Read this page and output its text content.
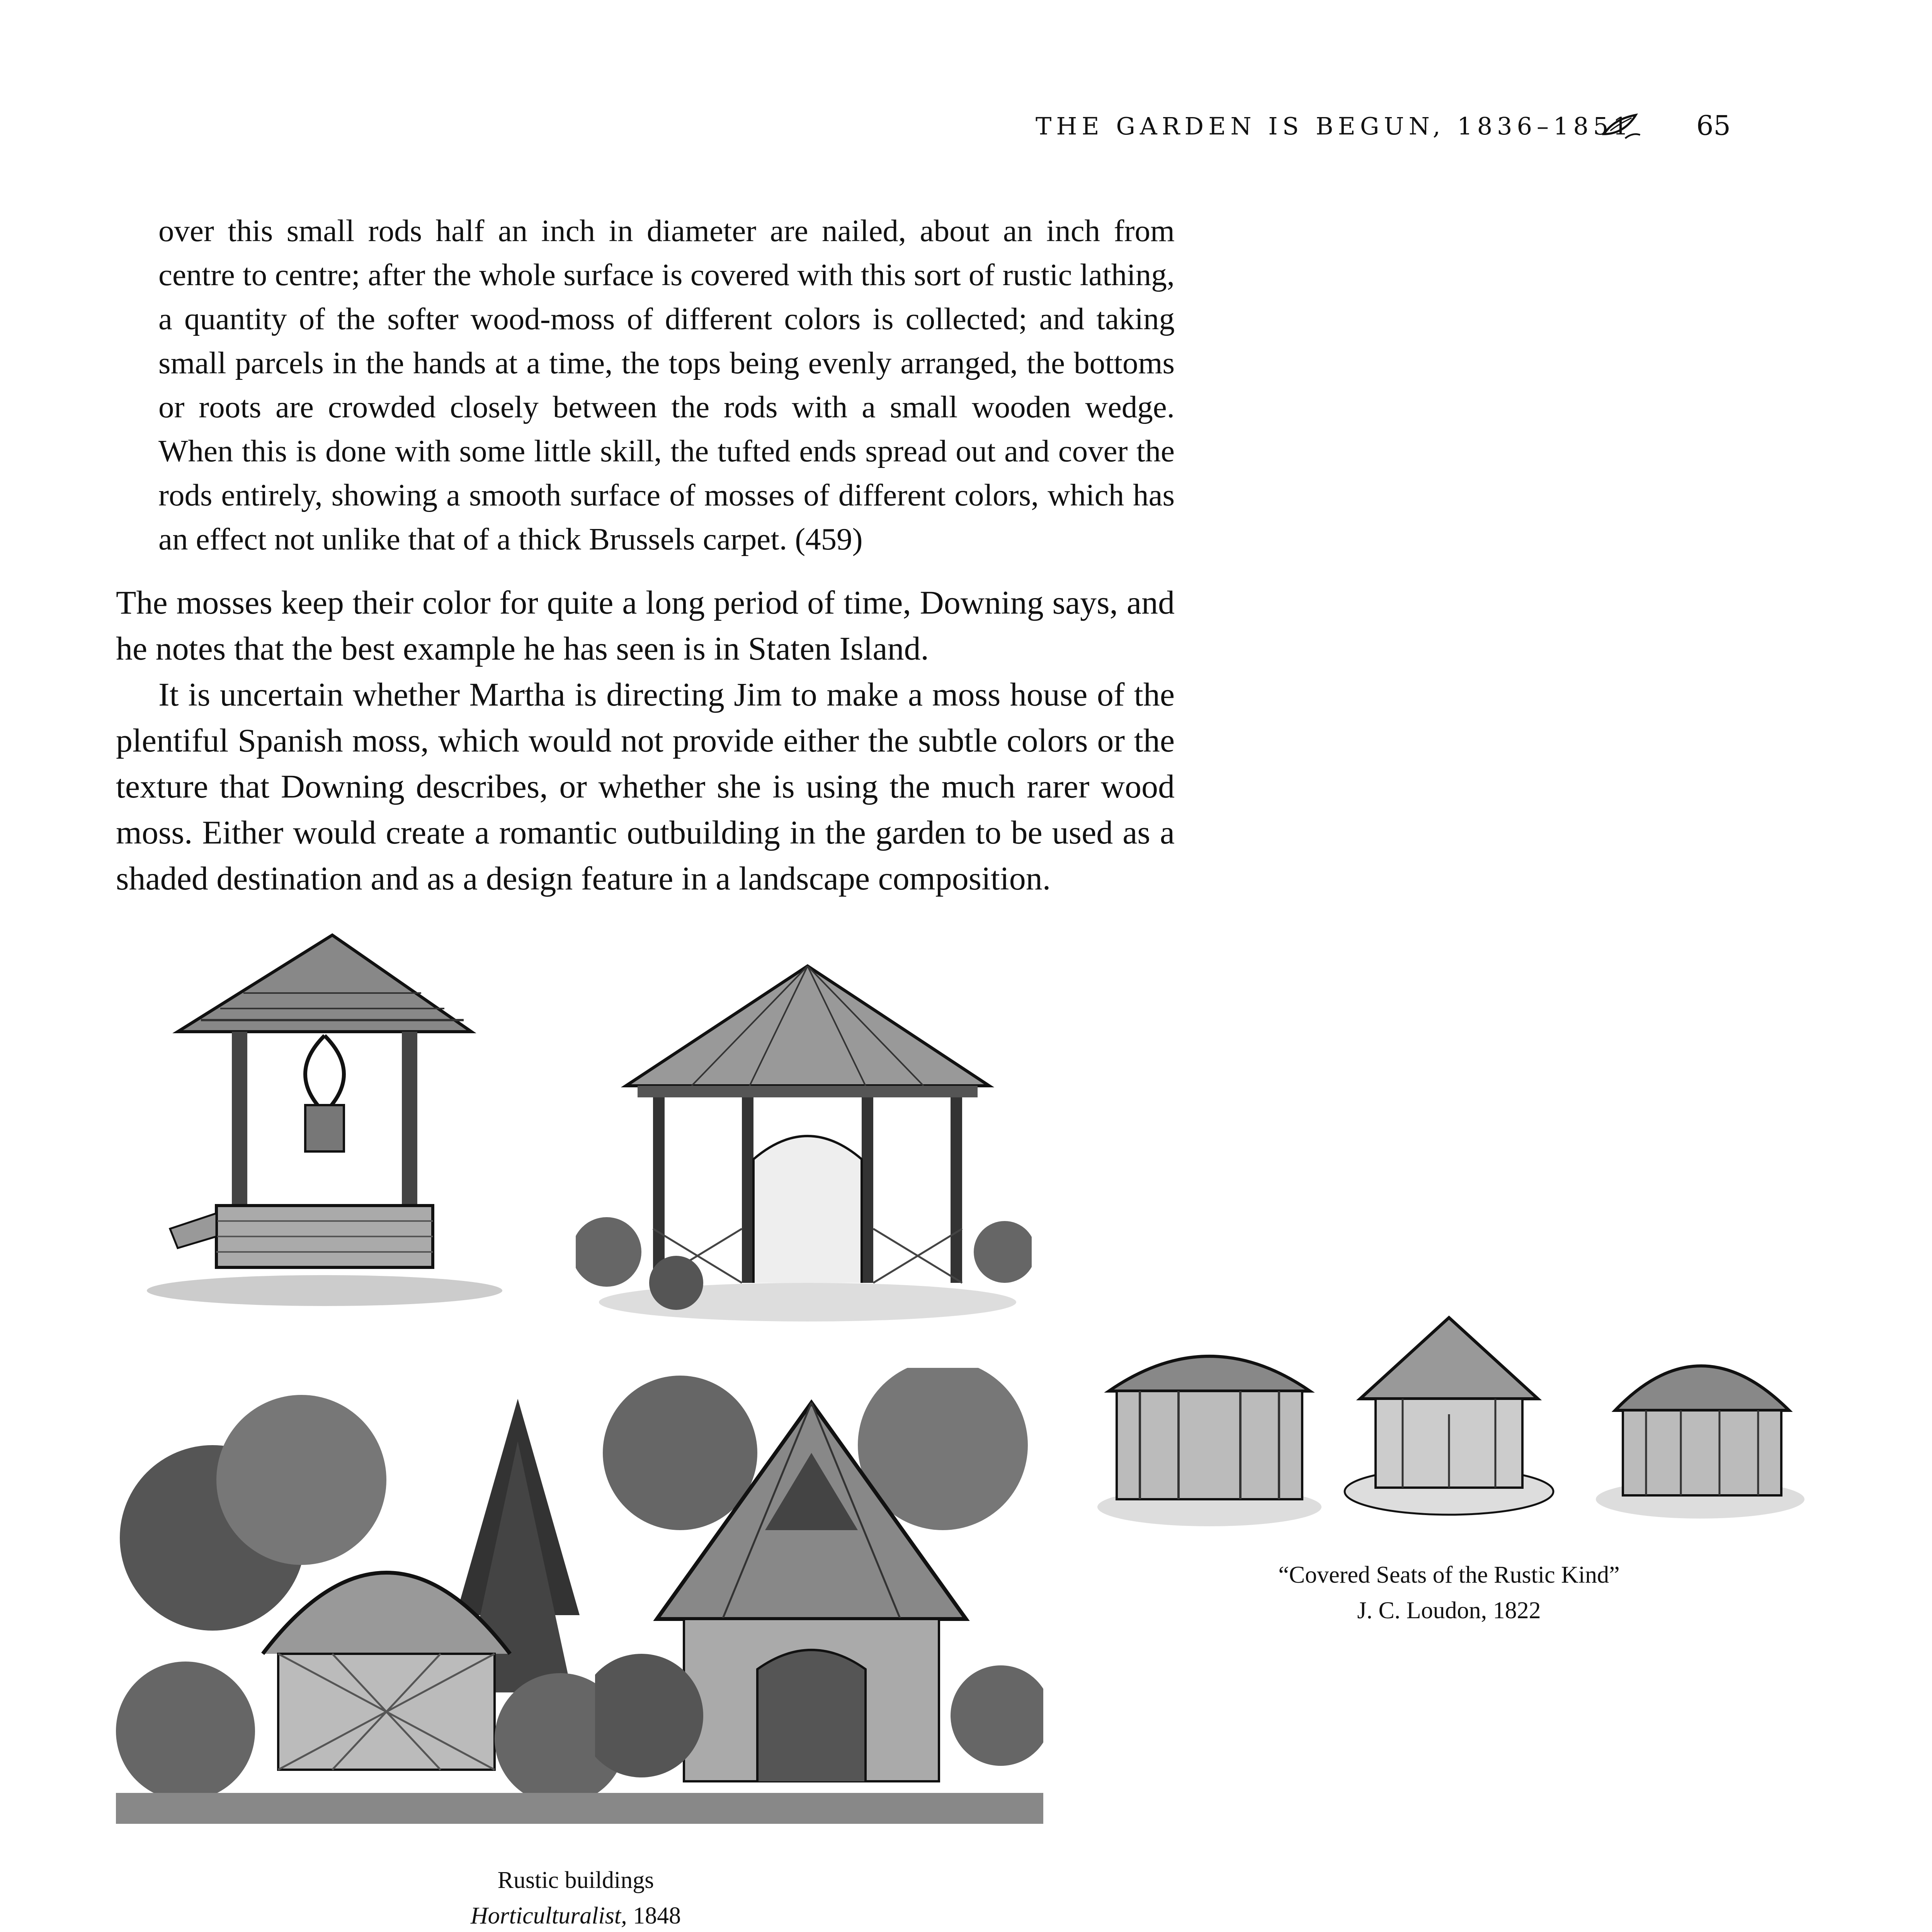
THE GARDEN IS BEGUN, 1836–1851 65
over this small rods half an inch in diameter are nailed, about an inch from centre to centre; after the whole surface is covered with this sort of rustic lathing, a quantity of the softer wood-moss of different colors is collected; and taking small parcels in the hands at a time, the tops being evenly arranged, the bottoms or roots are crowded closely between the rods with a small wooden wedge. When this is done with some little skill, the tufted ends spread out and cover the rods entirely, showing a smooth surface of mosses of different colors, which has an effect not unlike that of a thick Brussels carpet. (459)

The mosses keep their color for quite a long period of time, Downing says, and he notes that the best example he has seen is in Staten Island.

It is uncertain whether Martha is directing Jim to make a moss house of the plentiful Spanish moss, which would not provide either the subtle colors or the texture that Downing describes, or whether she is using the much rarer wood moss. Either would create a romantic outbuilding in the garden to be used as a shaded destination and as a design feature in a landscape composition.

“Covered Seats of the Rustic Kind”
J. C. Loudon, 1822
Rustic buildings
Horticulturalist, 1848
